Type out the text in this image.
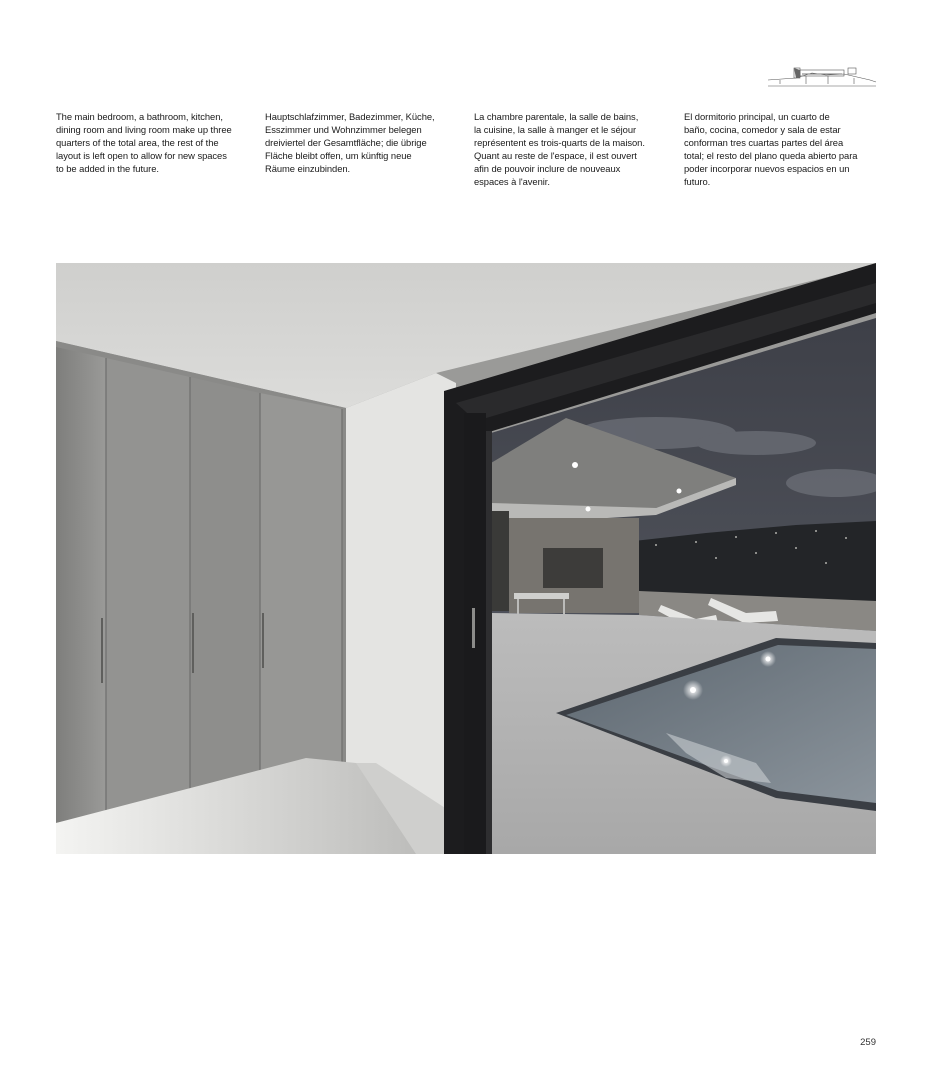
The main bedroom, a bathroom, kitchen,
dining room and living room make up three
quarters of the total area, the rest of the
layout is left open to allow for new spaces
to be added in the future.

Hauptschlafzimmer, Badezimmer, Küche,
Esszimmer und Wohnzimmer belegen
dreiviertel der Gesamtfläche; die übrige
Fläche bleibt offen, um künftig neue
Räume einzubinden.

La chambre parentale, la salle de bains,
la cuisine, la salle à manger et le séjour
représentent es trois-quarts de la maison.
Quant au reste de l'espace, il est ouvert
afin de pouvoir inclure de nouveaux
espaces à l'avenir.

El dormitorio principal, un cuarto de
baño, cocina, comedor y sala de estar
conforman tres cuartas partes del área
total; el resto del plano queda abierto para
poder incorporar nuevos espacios en un
futuro.

259
